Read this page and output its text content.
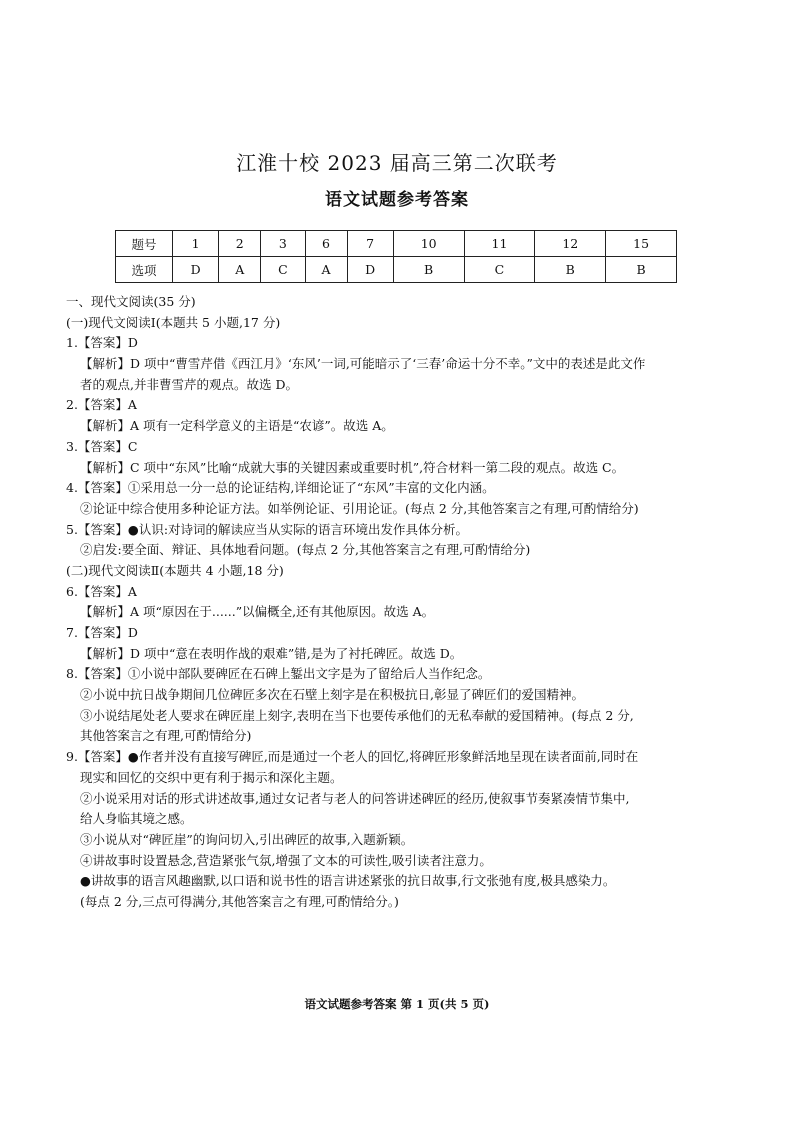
江淮十校 2023 届高三第二次联考
语文试题参考答案
题号	1	2	3	6	7	10	11	12	15
选项	D	A	C	A	D	B	C	B	B
一、现代文阅读(35 分)
(一)现代文阅读Ⅰ(本题共 5 小题,17 分)
1.【答案】D
【解析】D 项中“曹雪芹借《西江月》‘东风’一词,可能暗示了‘三春’命运十分不幸。”文中的表述是此文作
者的观点,并非曹雪芹的观点。故选 D。
2.【答案】A
【解析】A 项有一定科学意义的主语是“农谚”。故选 A。
3.【答案】C
【解析】C 项中“东风”比喻“成就大事的关键因素或重要时机”,符合材料一第二段的观点。故选 C。
4.【答案】①采用总一分一总的论证结构,详细论证了“东风”丰富的文化内涵。
②论证中综合使用多种论证方法。如举例论证、引用论证。(每点 2 分,其他答案言之有理,可酌情给分)
5.【答案】●认识:对诗词的解读应当从实际的语言环境出发作具体分析。
②启发:要全面、辩证、具体地看问题。(每点 2 分,其他答案言之有理,可酌情给分)
(二)现代文阅读Ⅱ(本题共 4 小题,18 分)
6.【答案】A
【解析】A 项“原因在于......”以偏概全,还有其他原因。故选 A。
7.【答案】D
【解析】D 项中“意在表明作战的艰难”错,是为了衬托碑匠。故选 D。
8.【答案】①小说中部队要碑匠在石碑上錾出文字是为了留给后人当作纪念。
②小说中抗日战争期间几位碑匠多次在石壁上刻字是在积极抗日,彰显了碑匠们的爱国精神。
③小说结尾处老人要求在碑匠崖上刻字,表明在当下也要传承他们的无私奉献的爱国精神。(每点 2 分,
其他答案言之有理,可酌情给分)
9.【答案】●作者并没有直接写碑匠,而是通过一个老人的回忆,将碑匠形象鲜活地呈现在读者面前,同时在
现实和回忆的交织中更有利于揭示和深化主题。
②小说采用对话的形式讲述故事,通过女记者与老人的问答讲述碑匠的经历,使叙事节奏紧凑情节集中,
给人身临其境之感。
③小说从对“碑匠崖”的询问切入,引出碑匠的故事,入题新颖。
④讲故事时设置悬念,营造紧张气氛,增强了文本的可读性,吸引读者注意力。
●讲故事的语言风趣幽默,以口语和说书性的语言讲述紧张的抗日故事,行文张弛有度,极具感染力。
(每点 2 分,三点可得满分,其他答案言之有理,可酌情给分。)
语文试题参考答案 第 1 页(共 5 页)
